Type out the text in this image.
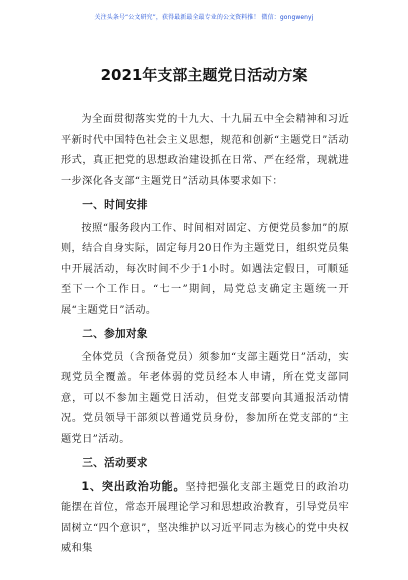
关注头条号“公文研究”，获得最新最全最专业的公文资料推！ 微信：gongwenyj
2021年支部主题党日活动方案

为全面贯彻落实党的十九大、十九届五中全会精神和习近平新时代中国特色社会主义思想，规范和创新“主题党日”活动形式，真正把党的思想政治建设抓在日常、严在经常，现就进一步深化各支部“主题党日”活动具体要求如下：

一、时间安排

按照“服务段内工作、时间相对固定、方便党员参加”的原则，结合自身实际，固定每月20日作为主题党日，组织党员集中开展活动，每次时间不少于1小时。如遇法定假日，可顺延至下一个工作日。“七一”期间，局党总支确定主题统一开展“主题党日”活动。

二、参加对象

全体党员（含预备党员）须参加“支部主题党日”活动，实现党员全覆盖。年老体弱的党员经本人申请，所在党支部同意，可以不参加主题党日活动，但党支部要向其通报活动情况。党员领导干部须以普通党员身份，参加所在党支部的“主题党日”活动。

三、活动要求

1、突出政治功能。坚持把强化支部主题党日的政治功能摆在首位，常态开展理论学习和思想政治教育，引导党员牢固树立“四个意识”，坚决维护以习近平同志为核心的党中央权威和集
